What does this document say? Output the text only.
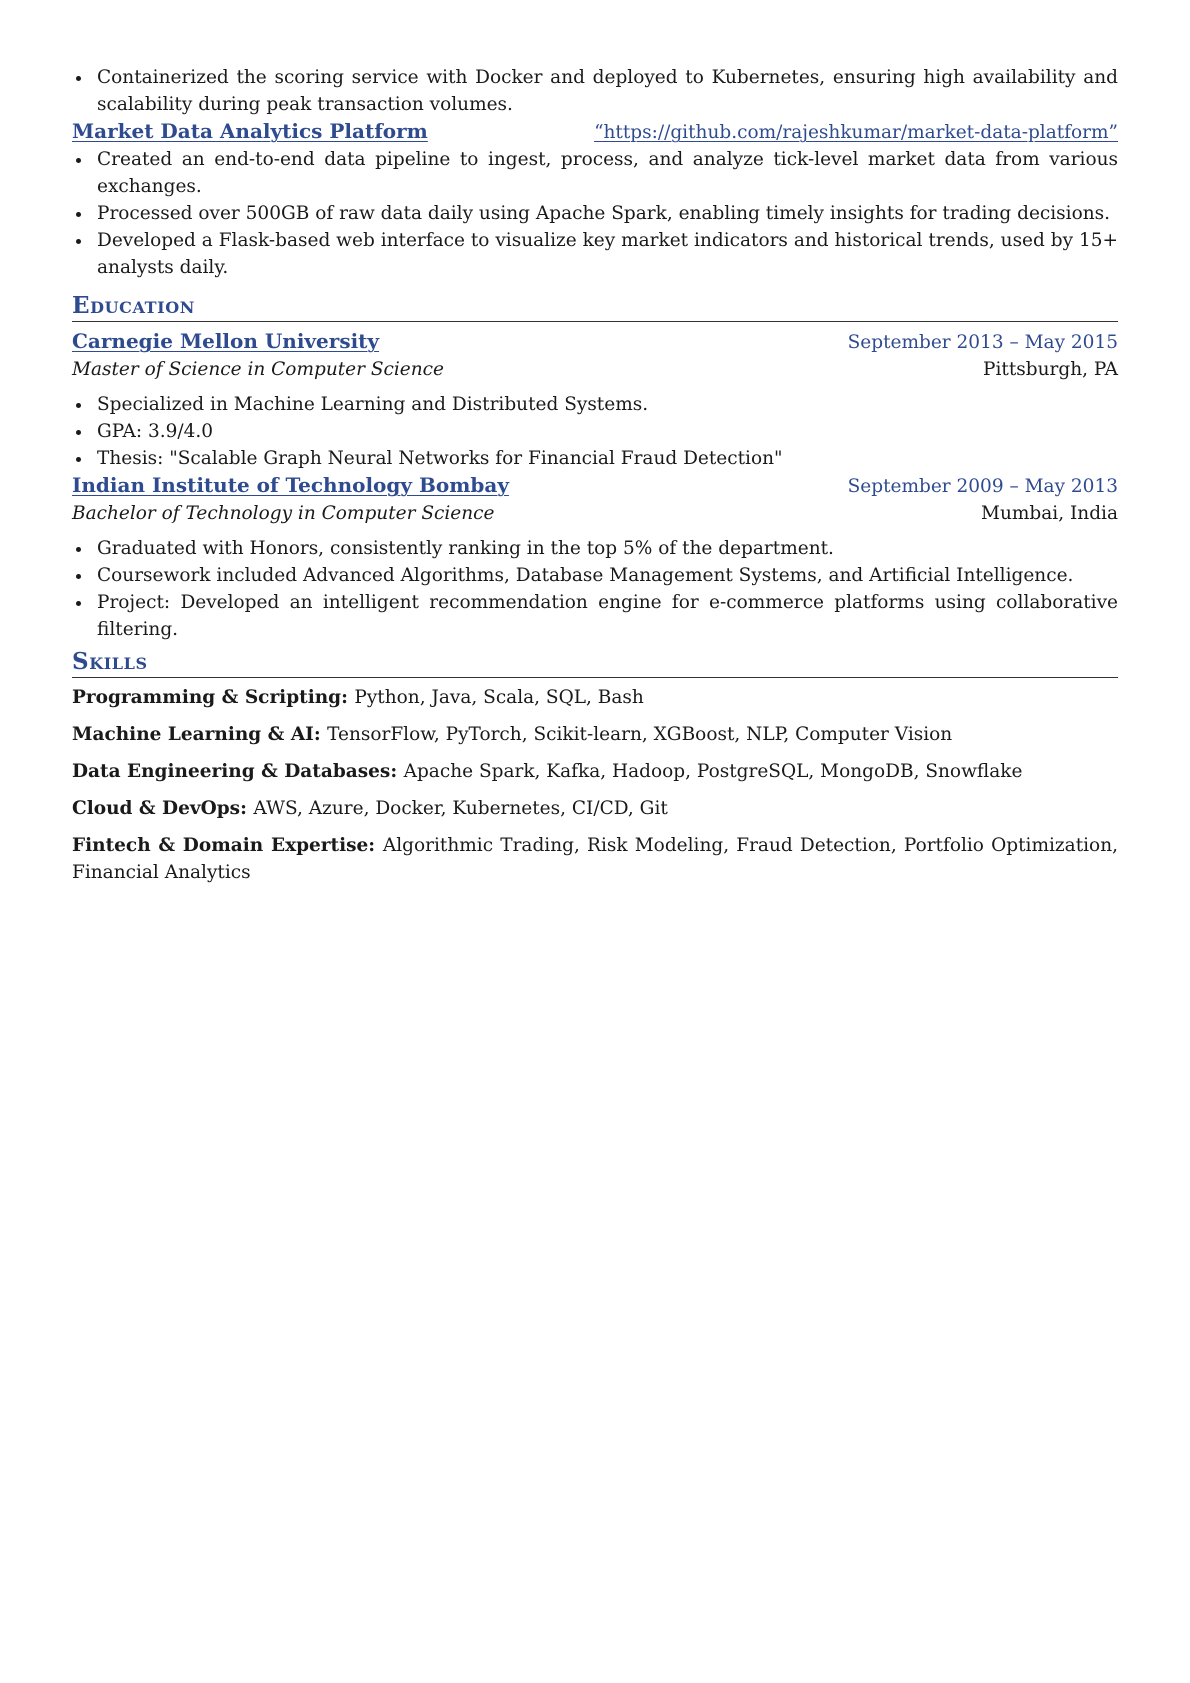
Containerized the scoring service with Docker and deployed to Kubernetes, ensuring high availability and scalability during peak transaction volumes.
Market Data Analytics Platform	“https://github.com/rajeshkumar/market-data-platform”
Created an end-to-end data pipeline to ingest, process, and analyze tick-level market data from various exchanges.
Processed over 500GB of raw data daily using Apache Spark, enabling timely insights for trading decisions.
Developed a Flask-based web interface to visualize key market indicators and historical trends, used by 15+ analysts daily.
Education
Carnegie Mellon University	September 2013 – May 2015
Master of Science in Computer Science	Pittsburgh, PA
Specialized in Machine Learning and Distributed Systems.
GPA: 3.9/4.0
Thesis: "Scalable Graph Neural Networks for Financial Fraud Detection"
Indian Institute of Technology Bombay	September 2009 – May 2013
Bachelor of Technology in Computer Science	Mumbai, India
Graduated with Honors, consistently ranking in the top 5% of the department.
Coursework included Advanced Algorithms, Database Management Systems, and Artificial Intelligence.
Project: Developed an intelligent recommendation engine for e-commerce platforms using collaborative filtering.
Skills
Programming & Scripting: Python, Java, Scala, SQL, Bash
Machine Learning & AI: TensorFlow, PyTorch, Scikit-learn, XGBoost, NLP, Computer Vision
Data Engineering & Databases: Apache Spark, Kafka, Hadoop, PostgreSQL, MongoDB, Snowflake
Cloud & DevOps: AWS, Azure, Docker, Kubernetes, CI/CD, Git
Fintech & Domain Expertise: Algorithmic Trading, Risk Modeling, Fraud Detection, Portfolio Optimization, Financial Analytics
